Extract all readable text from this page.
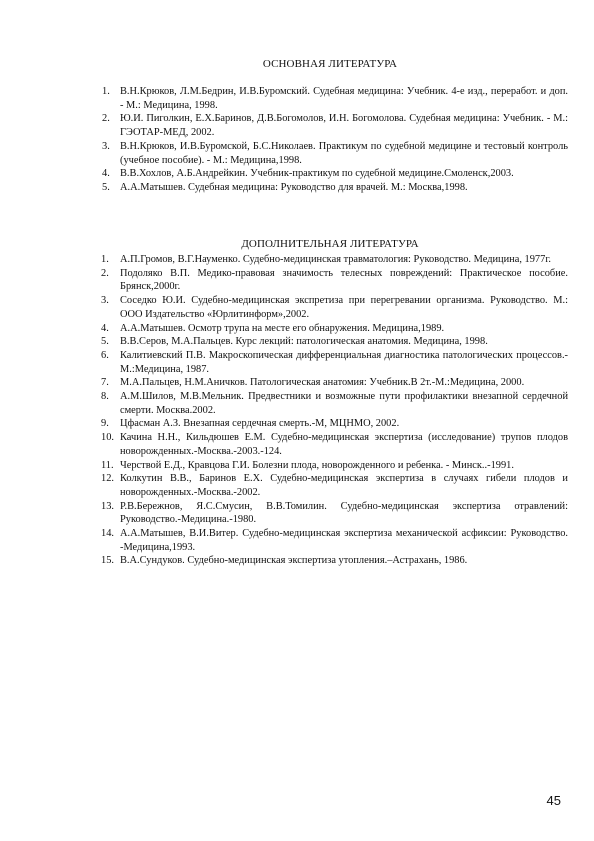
ОСНОВНАЯ ЛИТЕРАТУРА
1. В.Н.Крюков, Л.М.Бедрин, И.В.Буромский. Судебная медицина: Учебник. 4-е изд., переработ. и доп. - М.: Медицина, 1998.
2. Ю.И. Пиголкин, Е.Х.Баринов, Д.В.Богомолов, И.Н. Богомолова. Судебная медицина: Учебник. - М.: ГЭОТАР-МЕД, 2002.
3. В.Н.Крюков, И.В.Буромской, Б.С.Николаев. Практикум по судебной медицине и тестовый контроль (учебное пособие). - М.: Медицина,1998.
4. В.В.Хохлов, А.Б.Андрейкин. Учебник-практикум по судебной медицине.Смоленск,2003.
5. А.А.Матышев. Судебная медицина: Руководство для врачей. М.: Москва,1998.
ДОПОЛНИТЕЛЬНАЯ ЛИТЕРАТУРА
1.	А.П.Громов, В.Г.Науменко. Судебно-медицинская травматология: Руководство. Медицина, 1977г.
2.	Подоляко В.П. Медико-правовая значимость телесных повреждений: Практическое пособие. Брянск,2000г.
3.	Соседко Ю.И. Судебно-медицинская экспретиза при перегревании организма. Руководство. М.: ООО Издательство «Юрлитинформ»,2002.
4.	А.А.Матышев. Осмотр трупа на месте его обнаружения. Медицина,1989.
5.	В.В.Серов, М.А.Пальцев. Курс лекций: патологическая анатомия. Медицина, 1998.
6.	Калитиевский П.В. Макроскопическая дифференциальная диагностика патологических процессов.- М.:Медицина, 1987.
7.	М.А.Пальцев, Н.М.Аничков. Патологическая анатомия: Учебник.В 2т.-М.:Медицина, 2000.
8.	А.М.Шилов, М.В.Мельник. Предвестники и возможные пути профилактики внезапной сердечной смерти. Москва.2002.
9.	Цфасман А.З. Внезапная сердечная смерть.-М, МЦНМО, 2002.
10. Качина Н.Н., Кильдюшев Е.М. Судебно-медицинская экспертиза (исследование) трупов плодов новорожденных.-Москва.-2003.-124.
11. Черствой Е.Д., Кравцова Г.И. Болезни плода, новорожденного и ребенка. - Минск..-1991.
12. Колкутин В.В., Баринов Е.Х. Судебно-медицинская экспертиза в случаях гибели плодов и новорожденных.-Москва.-2002.
13. Р.В.Бережнов, Я.С.Смусин, В.В.Томилин. Судебно-медицинская экспертиза отравлений: Руководство.-Медицина.-1980.
14. А.А.Матышев, В.И.Витер. Судебно-медицинская экспертиза механической асфиксии: Руководство. -Медицина,1993.
15. В.А.Сундуков. Судебно-медицинская экспертиза утопления.–Астрахань, 1986.
45
